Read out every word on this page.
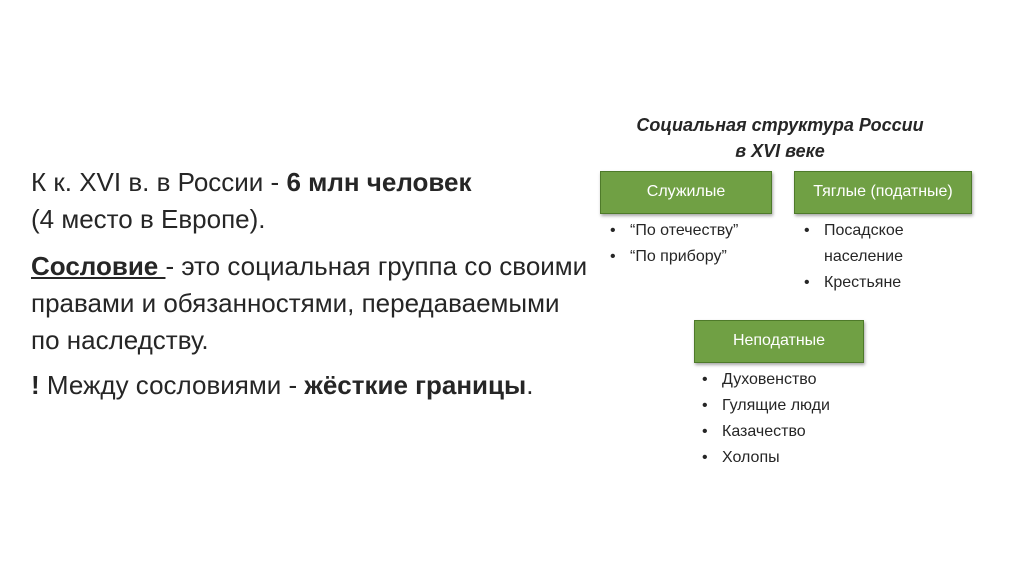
К к. XVI в. в России - 6 млн человек
(4 место в Европе).

Сословие - это социальная группа со своими правами и обязанностями, передаваемыми по наследству.

! Между сословиями - жёсткие границы.

Социальная структура России
в XVI веке
Служилые	Тяглые (податные)
Неподатные
• “По отечеству”
• “По прибору”
• Посадское население
• Крестьяне
• Духовенство
• Гулящие люди
• Казачество
• Холопы
